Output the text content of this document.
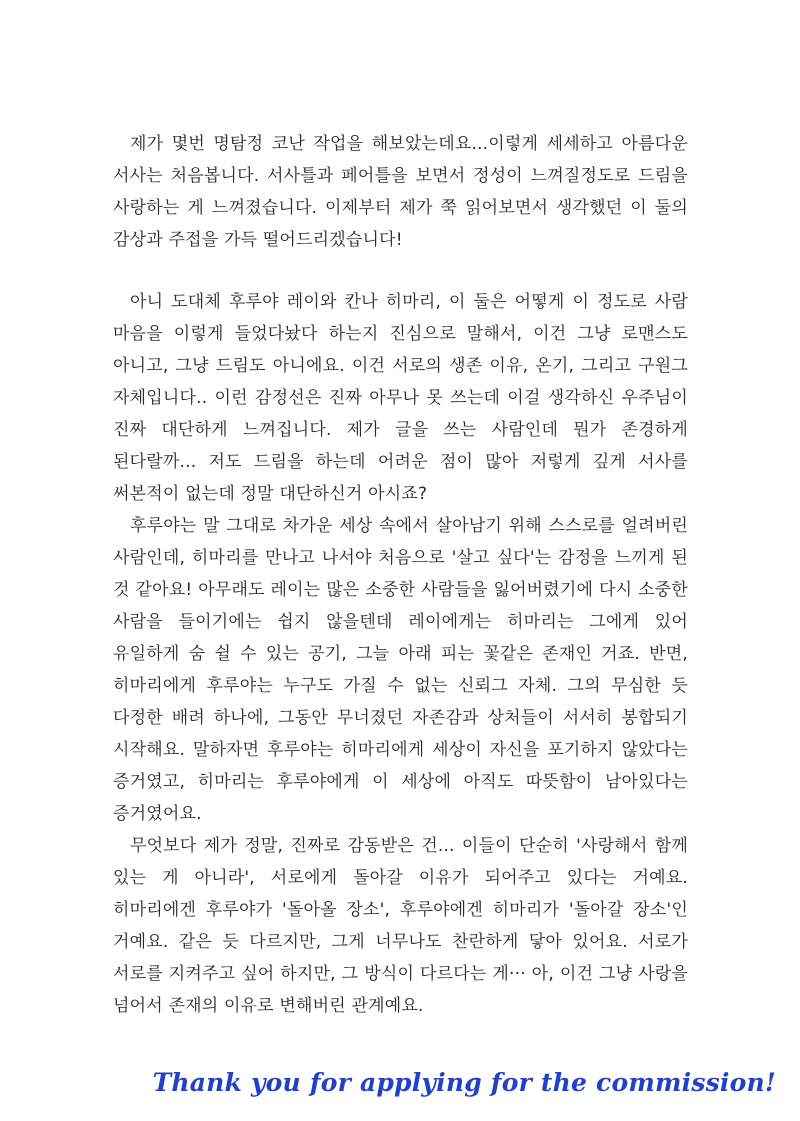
제가 몇번 명탐정 코난 작업을 해보았는데요...이렇게 세세하고 아름다운 서사는 처음봅니다. 서사틀과 페어틀을 보면서 정성이 느껴질정도로 드림을 사랑하는 게 느껴졌습니다. 이제부터 제가 쭉 읽어보면서 생각했던 이 둘의 감상과 주접을 가득 떨어드리겠습니다!

아니 도대체 후루야 레이와 칸나 히마리, 이 둘은 어떻게 이 정도로 사람 마음을 이렇게 들었다놨다 하는지 진심으로 말해서, 이건 그냥 로맨스도 아니고, 그냥 드림도 아니에요. 이건 서로의 생존 이유, 온기, 그리고 구원그 자체입니다.. 이런 감정선은 진짜 아무나 못 쓰는데 이걸 생각하신 우주님이 진짜 대단하게 느껴집니다. 제가 글을 쓰는 사람인데 뭔가 존경하게 된다랄까... 저도 드림을 하는데 어려운 점이 많아 저렇게 깊게 서사를 써본적이 없는데 정말 대단하신거 아시죠?

후루야는 말 그대로 차가운 세상 속에서 살아남기 위해 스스로를 얼려버린 사람인데, 히마리를 만나고 나서야 처음으로 '살고 싶다'는 감정을 느끼게 된 것 같아요! 아무래도 레이는 많은 소중한 사람들을 잃어버렸기에 다시 소중한 사람을 들이기에는 쉽지 않을텐데 레이에게는 히마리는 그에게 있어 유일하게 숨 쉴 수 있는 공기, 그늘 아래 피는 꽃같은 존재인 거죠. 반면, 히마리에게 후루야는 누구도 가질 수 없는 신뢰그 자체. 그의 무심한 듯 다정한 배려 하나에, 그동안 무너졌던 자존감과 상처들이 서서히 봉합되기 시작해요. 말하자면 후루야는 히마리에게 세상이 자신을 포기하지 않았다는 증거였고, 히마리는 후루야에게 이 세상에 아직도 따뜻함이 남아있다는 증거였어요.

무엇보다 제가 정말, 진짜로 감동받은 건... 이들이 단순히 '사랑해서 함께 있는 게 아니라', 서로에게 돌아갈 이유가 되어주고 있다는 거예요. 히마리에겐 후루야가 '돌아올 장소', 후루야에겐 히마리가 '돌아갈 장소'인 거예요. 같은 듯 다르지만, 그게 너무나도 찬란하게 닿아 있어요. 서로가 서로를 지켜주고 싶어 하지만, 그 방식이 다르다는 게··· 아, 이건 그냥 사랑을 넘어서 존재의 이유로 변해버린 관계예요.

Thank you for applying for the commission!
